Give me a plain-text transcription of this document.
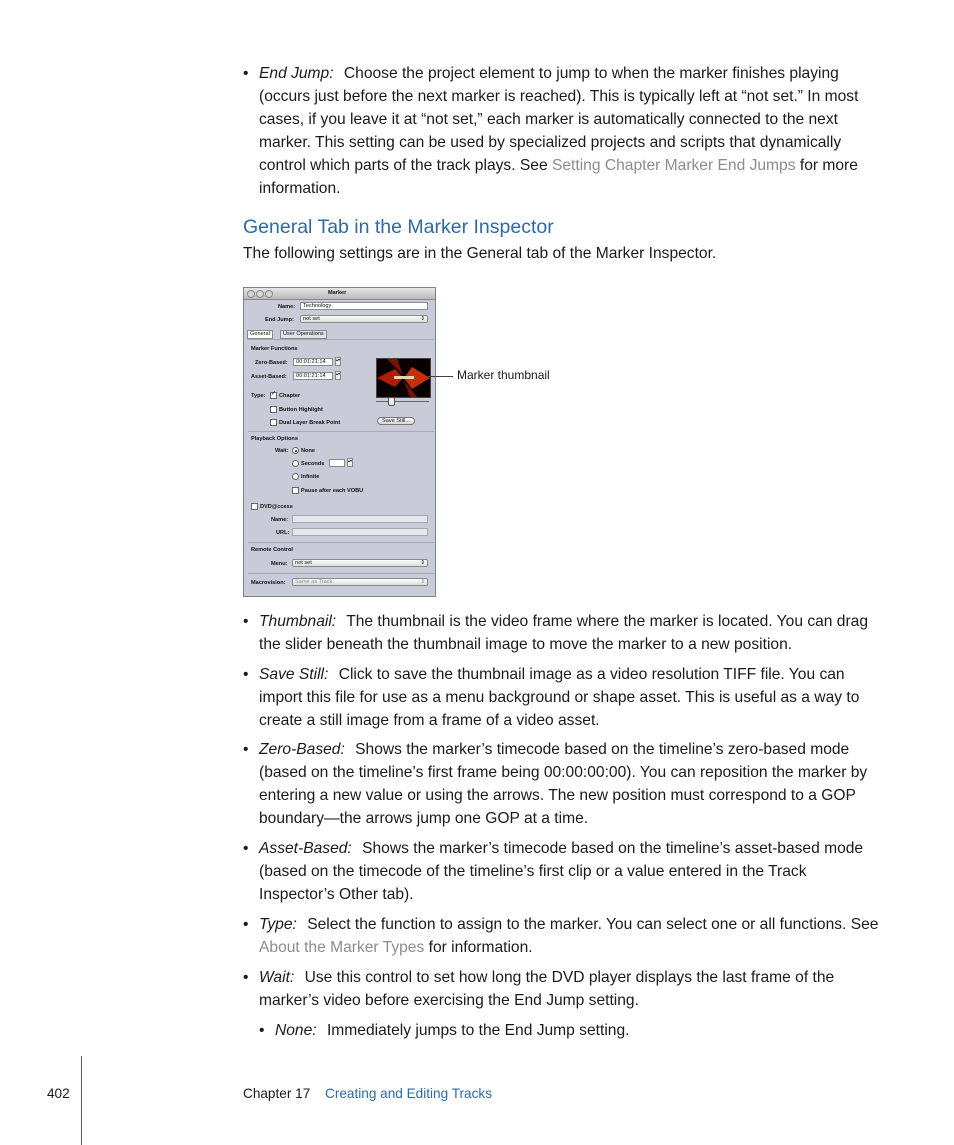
• End Jump: Choose the project element to jump to when the marker finishes playing (occurs just before the next marker is reached). This is typically left at “not set.” In most cases, if you leave it at “not set,” each marker is automatically connected to the next marker. This setting can be used by specialized projects and scripts that dynamically control which parts of the track plays. See Setting Chapter Marker End Jumps for more information.
General Tab in the Marker Inspector
The following settings are in the General tab of the Marker Inspector.
Marker
Name:	Technology
End Jump:	not set	⇕
General	User Operations
Marker Functions
Zero-Based:	00:01:21:14	▴▾
Asset-Based:	00:01:21:14	▴▾
Type: ✓ Chapter
Button Highlight
Dual Layer Break Point	Save Still...
Playback Options
Wait: None
Seconds
▴▾
Infinite
Pause after each VOBU
DVD@ccess
Name:
URL:
Remote Control
Menu:	not set	⇕
Macrovision:	Same as Track	⇕
Marker thumbnail
• Thumbnail: The thumbnail is the video frame where the marker is located. You can drag the slider beneath the thumbnail image to move the marker to a new position.
• Save Still: Click to save the thumbnail image as a video resolution TIFF file. You can import this file for use as a menu background or shape asset. This is useful as a way to create a still image from a frame of a video asset.
• Zero-Based: Shows the marker’s timecode based on the timeline’s zero-based mode (based on the timeline’s first frame being 00:00:00:00). You can reposition the marker by entering a new value or using the arrows. The new position must correspond to a GOP boundary—the arrows jump one GOP at a time.
• Asset-Based: Shows the marker’s timecode based on the timeline’s asset-based mode (based on the timecode of the timeline’s first clip or a value entered in the Track Inspector’s Other tab).
• Type: Select the function to assign to the marker. You can select one or all functions. See About the Marker Types for information.
• Wait: Use this control to set how long the DVD player displays the last frame of the marker’s video before exercising the End Jump setting.
• None: Immediately jumps to the End Jump setting.
402	Chapter 17 Creating and Editing Tracks
